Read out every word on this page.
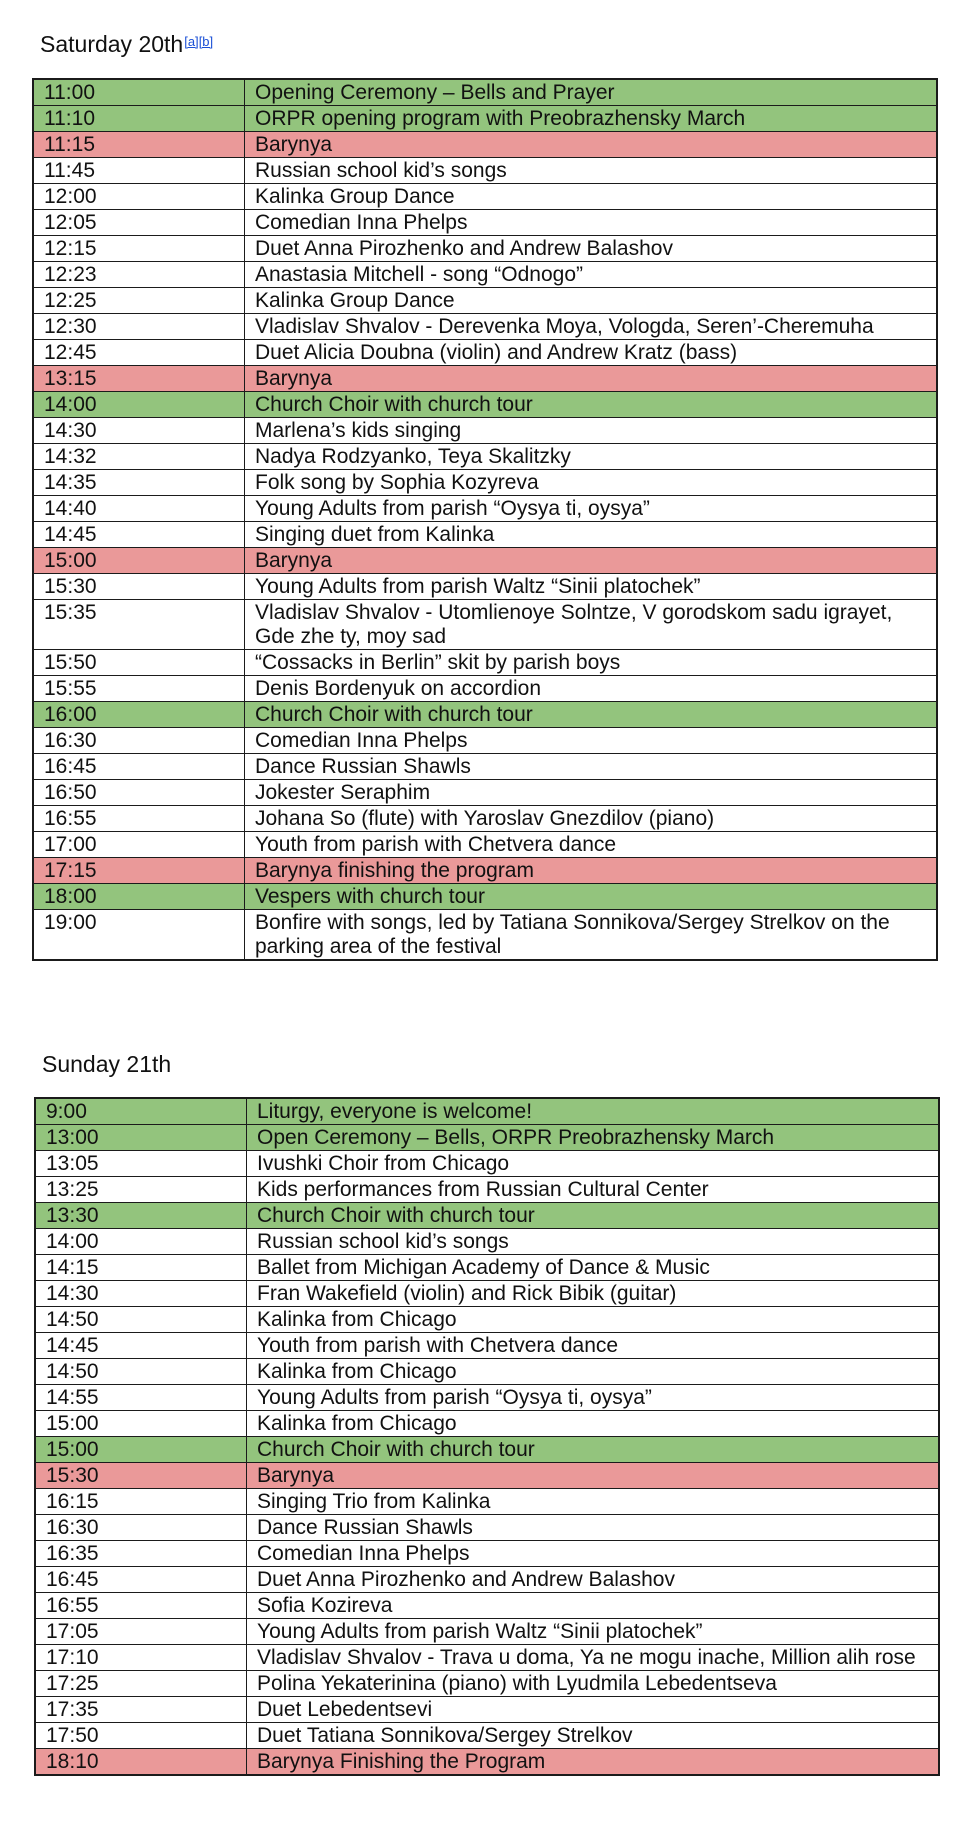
Saturday 20th[a][b]
11:00	Opening Ceremony – Bells and Prayer
11:10	ORPR opening program with Preobrazhensky March
11:15	Barynya
11:45	Russian school kid’s songs
12:00	Kalinka Group Dance
12:05	Comedian Inna Phelps
12:15	Duet Anna Pirozhenko and Andrew Balashov
12:23	Anastasia Mitchell - song “Odnogo”
12:25	Kalinka Group Dance
12:30	Vladislav Shvalov - Derevenka Moya, Vologda, Seren’-Cheremuha
12:45	Duet Alicia Doubna (violin) and Andrew Kratz (bass)
13:15	Barynya
14:00	Church Choir with church tour
14:30	Marlena’s kids singing
14:32	Nadya Rodzyanko, Teya Skalitzky
14:35	Folk song by Sophia Kozyreva
14:40	Young Adults from parish “Oysya ti, oysya”
14:45	Singing duet from Kalinka
15:00	Barynya
15:30	Young Adults from parish Waltz “Sinii platochek”
15:35	Vladislav Shvalov - Utomlienoye Solntze, V gorodskom sadu igrayet, Gde zhe ty, moy sad
15:50	“Cossacks in Berlin” skit by parish boys
15:55	Denis Bordenyuk on accordion
16:00	Church Choir with church tour
16:30	Comedian Inna Phelps
16:45	Dance Russian Shawls
16:50	Jokester Seraphim
16:55	Johana So (flute) with Yaroslav Gnezdilov (piano)
17:00	Youth from parish with Chetvera dance
17:15	Barynya finishing the program
18:00	Vespers with church tour
19:00	Bonfire with songs, led by Tatiana Sonnikova/Sergey Strelkov on the parking area of the festival
Sunday 21th
9:00	Liturgy, everyone is welcome!
13:00	Open Ceremony – Bells, ORPR Preobrazhensky March
13:05	Ivushki Choir from Chicago
13:25	Kids performances from Russian Cultural Center
13:30	Church Choir with church tour
14:00	Russian school kid’s songs
14:15	Ballet from Michigan Academy of Dance & Music
14:30	Fran Wakefield (violin) and Rick Bibik (guitar)
14:50	Kalinka from Chicago
14:45	Youth from parish with Chetvera dance
14:50	Kalinka from Chicago
14:55	Young Adults from parish “Oysya ti, oysya”
15:00	Kalinka from Chicago
15:00	Church Choir with church tour
15:30	Barynya
16:15	Singing Trio from Kalinka
16:30	Dance Russian Shawls
16:35	Comedian Inna Phelps
16:45	Duet Anna Pirozhenko and Andrew Balashov
16:55	Sofia Kozireva
17:05	Young Adults from parish Waltz “Sinii platochek”
17:10	Vladislav Shvalov - Trava u doma, Ya ne mogu inache, Million alih rose
17:25	Polina Yekaterinina (piano) with Lyudmila Lebedentseva
17:35	Duet Lebedentsevi
17:50	Duet Tatiana Sonnikova/Sergey Strelkov
18:10	Barynya Finishing the Program
